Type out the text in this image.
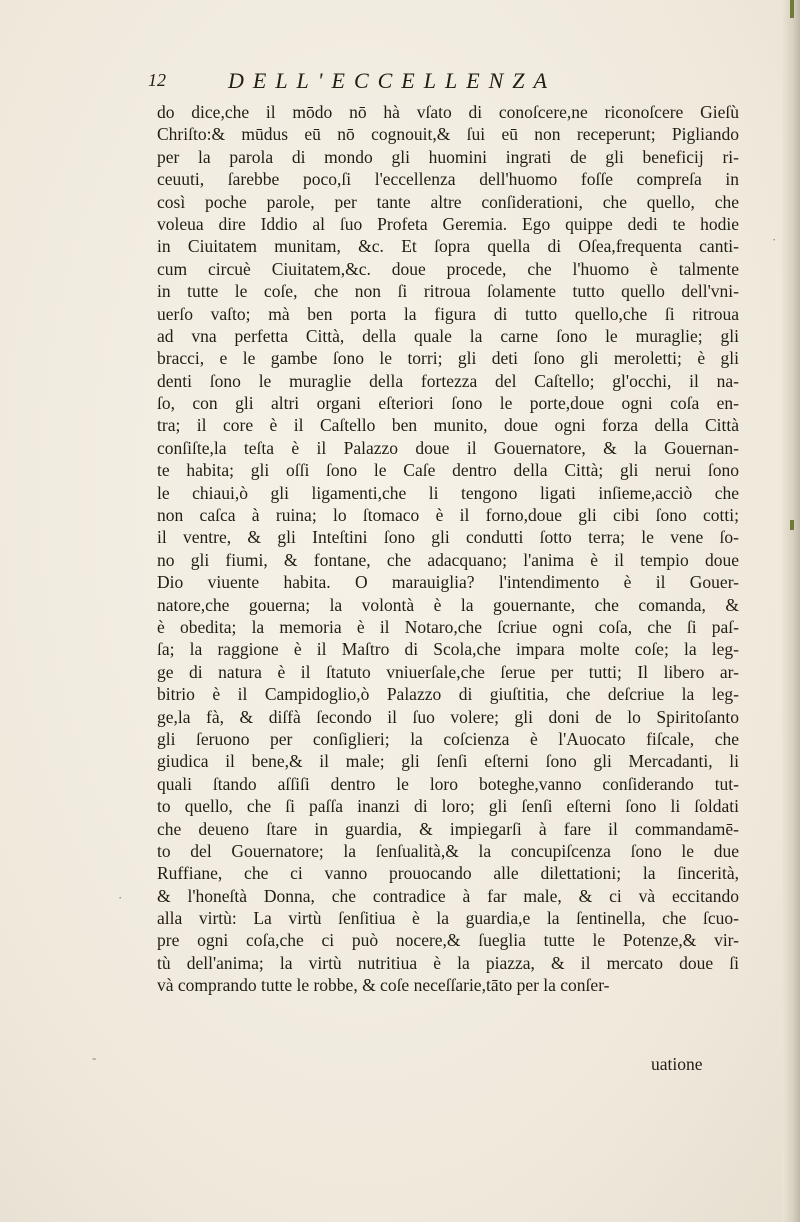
12	DELL'ECCELLENZA
do dice,che il mōdo nō hà vſato di conoſcere,ne riconoſcere Gieſù
Chriſto:& mūdus eū nō cognouit,& ſui eū non receperunt; Pigliando
per la parola di mondo gli huomini ingrati de gli beneficij ri-
ceuuti, ſarebbe poco,ſi l'eccellenza dell'huomo foſſe compreſa in
così poche parole, per tante altre conſiderationi, che quello, che
voleua dire Iddio al ſuo Profeta Geremia. Ego quippe dedi te hodie
in Ciuitatem munitam, &c. Et ſopra quella di Oſea,frequenta canti-
cum circuè Ciuitatem,&c. doue procede, che l'huomo è talmente
in tutte le coſe, che non ſi ritroua ſolamente tutto quello dell'vni-
uerſo vaſto; mà ben porta la figura di tutto quello,che ſi ritroua
ad vna perfetta Città, della quale la carne ſono le muraglie; gli
bracci, e le gambe ſono le torri; gli deti ſono gli meroletti; è gli
denti ſono le muraglie della fortezza del Caſtello; gl'occhi, il na-
ſo, con gli altri organi eſteriori ſono le porte,doue ogni coſa en-
tra; il core è il Caſtello ben munito, doue ogni forza della Città
conſiſte,la teſta è il Palazzo doue il Gouernatore, & la Gouernan-
te habita; gli oſſi ſono le Caſe dentro della Città; gli nerui ſono
le chiaui,ò gli ligamenti,che li tengono ligati inſieme,acciò che
non caſca à ruina; lo ſtomaco è il forno,doue gli cibi ſono cotti;
il ventre, & gli Inteſtini ſono gli condutti ſotto terra; le vene ſo-
no gli fiumi, & fontane, che adacquano; l'anima è il tempio doue
Dio viuente habita. O marauiglia? l'intendimento è il Gouer-
natore,che gouerna; la volontà è la gouernante, che comanda, &
è obedita; la memoria è il Notaro,che ſcriue ogni coſa, che ſi paſ-
ſa; la raggione è il Maſtro di Scola,che impara molte coſe; la leg-
ge di natura è il ſtatuto vniuerſale,che ſerue per tutti; Il libero ar-
bitrio è il Campidoglio,ò Palazzo di giuſtitia, che deſcriue la leg-
ge,la fà, & diſfà ſecondo il ſuo volere; gli doni de lo Spiritoſanto
gli ſeruono per conſiglieri; la coſcienza è l'Auocato fiſcale, che
giudica il bene,& il male; gli ſenſi eſterni ſono gli Mercadanti, li
quali ſtando aſſiſi dentro le loro boteghe,vanno conſiderando tut-
to quello, che ſi paſſa inanzi di loro; gli ſenſi eſterni ſono li ſoldati
che deueno ſtare in guardia, & impiegarſi à fare il commandamē-
to del Gouernatore; la ſenſualità,& la concupiſcenza ſono le due
Ruffiane, che ci vanno prouocando alle dilettationi; la ſincerità,
& l'honeſtà Donna, che contradice à far male, & ci và eccitando
alla virtù: La virtù ſenſitiua è la guardia,e la ſentinella, che ſcuo-
pre ogni coſa,che ci può nocere,& ſueglia tutte le Potenze,& vir-
tù dell'anima; la virtù nutritiua è la piazza, & il mercato doue ſi
và comprando tutte le robbe, & coſe neceſſarie,tāto per la conſer-
uatione
·
·
-
